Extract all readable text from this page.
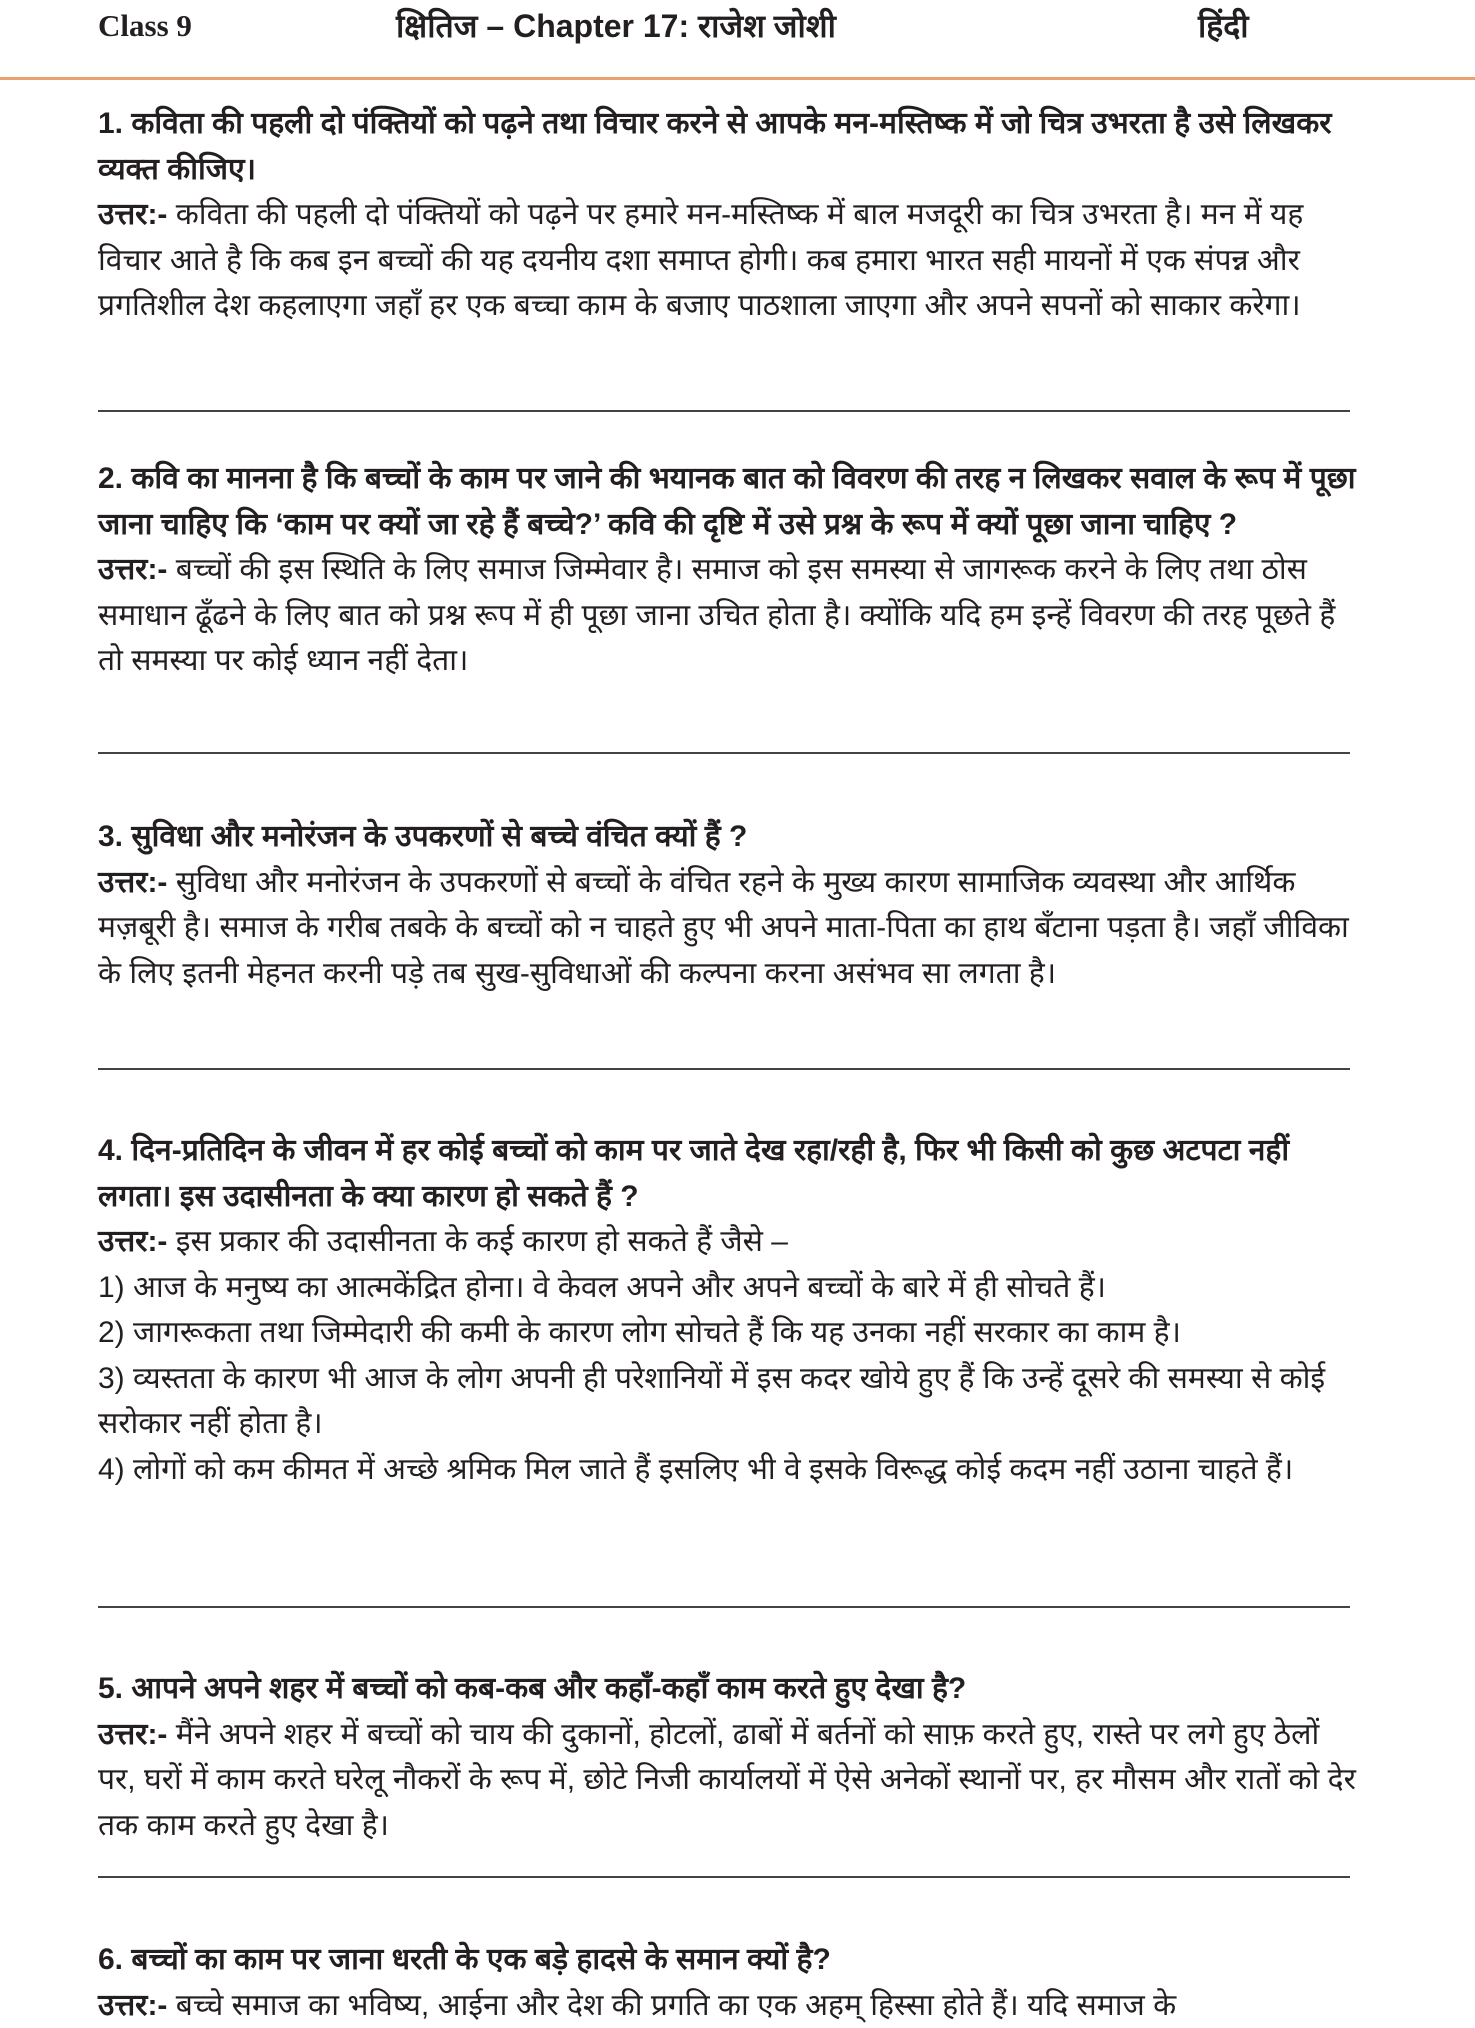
Class 9	क्षितिज – Chapter 17: राजेश जोशी	हिंदी
1. कविता की पहली दो पंक्तियों को पढ़ने तथा विचार करने से आपके मन-मस्तिष्क में जो चित्र उभरता है उसे लिखकर व्यक्त कीजिए।
उत्तर:- कविता की पहली दो पंक्तियों को पढ़ने पर हमारे मन-मस्तिष्क में बाल मजदूरी का चित्र उभरता है। मन में यह विचार आते है कि कब इन बच्चों की यह दयनीय दशा समाप्त होगी। कब हमारा भारत सही मायनों में एक संपन्न और प्रगतिशील देश कहलाएगा जहाँ हर एक बच्चा काम के बजाए पाठशाला जाएगा और अपने सपनों को साकार करेगा।
2. कवि का मानना है कि बच्चों के काम पर जाने की भयानक बात को विवरण की तरह न लिखकर सवाल के रूप में पूछा जाना चाहिए कि ‘काम पर क्यों जा रहे हैं बच्चे?’ कवि की दृष्टि में उसे प्रश्न के रूप में क्यों पूछा जाना चाहिए ?
उत्तर:- बच्चों की इस स्थिति के लिए समाज जिम्मेवार है। समाज को इस समस्या से जागरूक करने के लिए तथा ठोस समाधान ढूँढने के लिए बात को प्रश्न रूप में ही पूछा जाना उचित होता है। क्योंकि यदि हम इन्हें विवरण की तरह पूछते हैं तो समस्या पर कोई ध्यान नहीं देता।
3. सुविधा और मनोरंजन के उपकरणों से बच्चे वंचित क्यों हैं ?
उत्तर:- सुविधा और मनोरंजन के उपकरणों से बच्चों के वंचित रहने के मुख्य कारण सामाजिक व्यवस्था और आर्थिक मज़बूरी है। समाज के गरीब तबके के बच्चों को न चाहते हुए भी अपने माता-पिता का हाथ बँटाना पड़ता है। जहाँ जीविका के लिए इतनी मेहनत करनी पड़े तब सुख-सुविधाओं की कल्पना करना असंभव सा लगता है।
4. दिन-प्रतिदिन के जीवन में हर कोई बच्चों को काम पर जाते देख रहा/रही है, फिर भी किसी को कुछ अटपटा नहीं लगता। इस उदासीनता के क्या कारण हो सकते हैं ?
उत्तर:- इस प्रकार की उदासीनता के कई कारण हो सकते हैं जैसे –
1) आज के मनुष्य का आत्मकेंद्रित होना। वे केवल अपने और अपने बच्चों के बारे में ही सोचते हैं।
2) जागरूकता तथा जिम्मेदारी की कमी के कारण लोग सोचते हैं कि यह उनका नहीं सरकार का काम है।
3) व्यस्तता के कारण भी आज के लोग अपनी ही परेशानियों में इस कदर खोये हुए हैं कि उन्हें दूसरे की समस्या से कोई सरोकार नहीं होता है।
4) लोगों को कम कीमत में अच्छे श्रमिक मिल जाते हैं इसलिए भी वे इसके विरूद्ध कोई कदम नहीं उठाना चाहते हैं।
5. आपने अपने शहर में बच्चों को कब-कब और कहाँ-कहाँ काम करते हुए देखा है?
उत्तर:- मैंने अपने शहर में बच्चों को चाय की दुकानों, होटलों, ढाबों में बर्तनों को साफ़ करते हुए, रास्ते पर लगे हुए ठेलों पर, घरों में काम करते घरेलू नौकरों के रूप में, छोटे निजी कार्यालयों में ऐसे अनेकों स्थानों पर, हर मौसम और रातों को देर तक काम करते हुए देखा है।
6. बच्चों का काम पर जाना धरती के एक बड़े हादसे के समान क्यों है?
उत्तर:- बच्चे समाज का भविष्य, आईना और देश की प्रगति का एक अहम् हिस्सा होते हैं। यदि समाज के
